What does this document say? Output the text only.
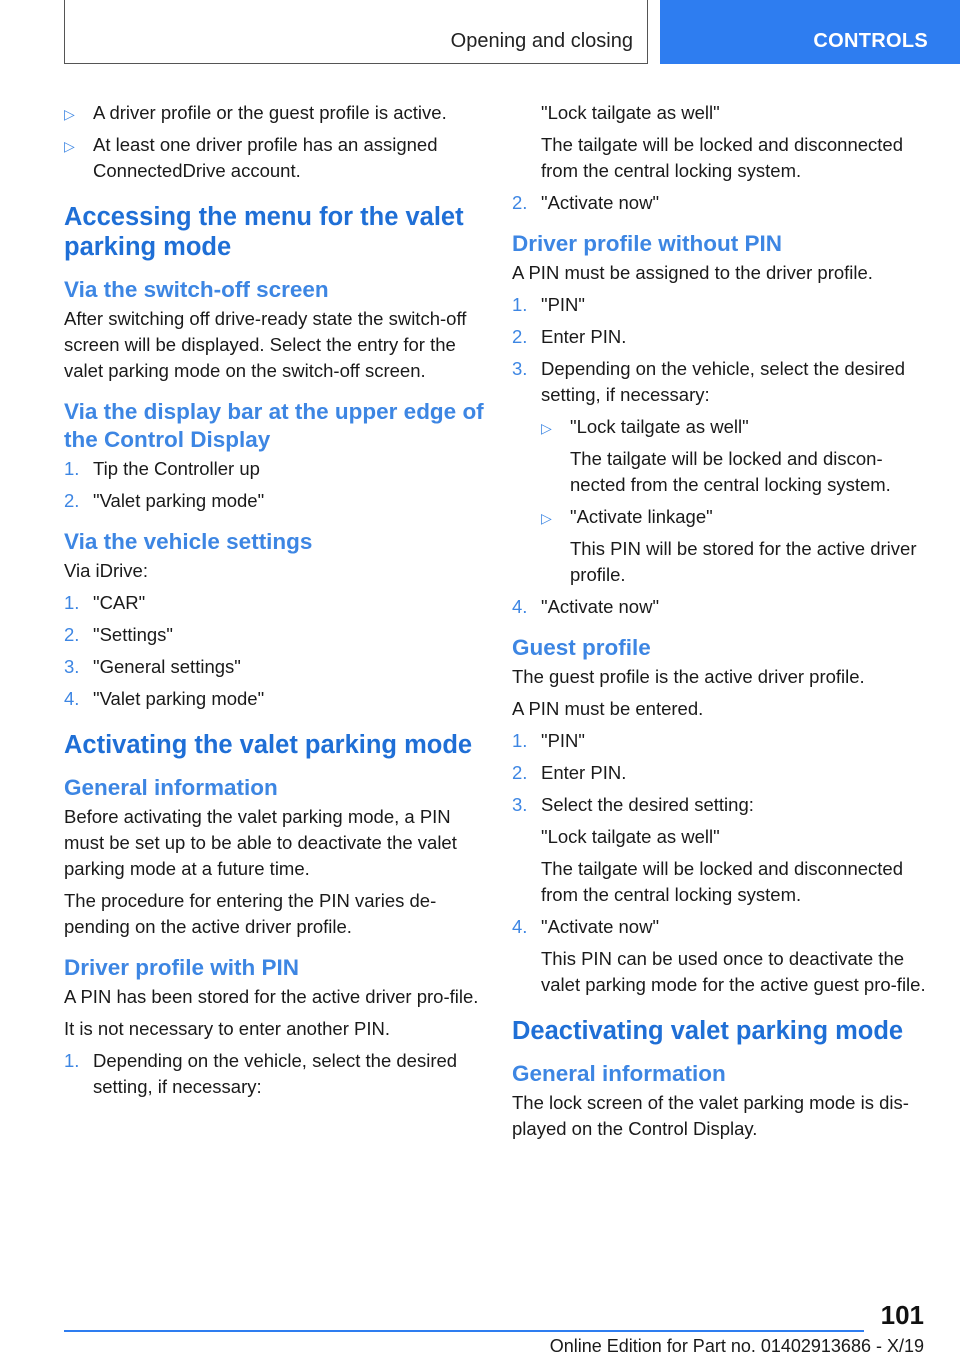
Opening and closing	CONTROLS
▷ A driver profile or the guest profile is active.
▷ At least one driver profile has an assigned ConnectedDrive account.
Accessing the menu for the valet parking mode
Via the switch-off screen

After switching off drive-ready state the switch-off screen will be displayed. Select the entry for the valet parking mode on the switch-off screen.

Via the display bar at the upper edge of the Control Display
1. Tip the Controller up
2. "Valet parking mode"
Via the vehicle settings

Via iDrive:

1. "CAR"
2. "Settings"
3. "General settings"
4. "Valet parking mode"
Activating the valet parking mode
General information

Before activating the valet parking mode, a PIN must be set up to be able to deactivate the valet parking mode at a future time.

The procedure for entering the PIN varies de-pending on the active driver profile.

Driver profile with PIN

A PIN has been stored for the active driver pro-file.

It is not necessary to enter another PIN.

1. Depending on the vehicle, select the desired setting, if necessary:

"Lock tailgate as well"

The tailgate will be locked and disconnected from the central locking system.

2. "Activate now"
Driver profile without PIN

A PIN must be assigned to the driver profile.

1. "PIN"
2. Enter PIN.
3. Depending on the vehicle, select the desired setting, if necessary:
▷ "Lock tailgate as well"

The tailgate will be locked and discon-nected from the central locking system.

▷ "Activate linkage"

This PIN will be stored for the active driver profile.

4. "Activate now"
Guest profile

The guest profile is the active driver profile.

A PIN must be entered.

1. "PIN"
2. Enter PIN.
3. Select the desired setting:

"Lock tailgate as well"

The tailgate will be locked and disconnected from the central locking system.

4. "Activate now"

This PIN can be used once to deactivate the valet parking mode for the active guest pro-file.

Deactivating valet parking mode
General information

The lock screen of the valet parking mode is dis-played on the Control Display.

101
Online Edition for Part no. 01402913686 - X/19
